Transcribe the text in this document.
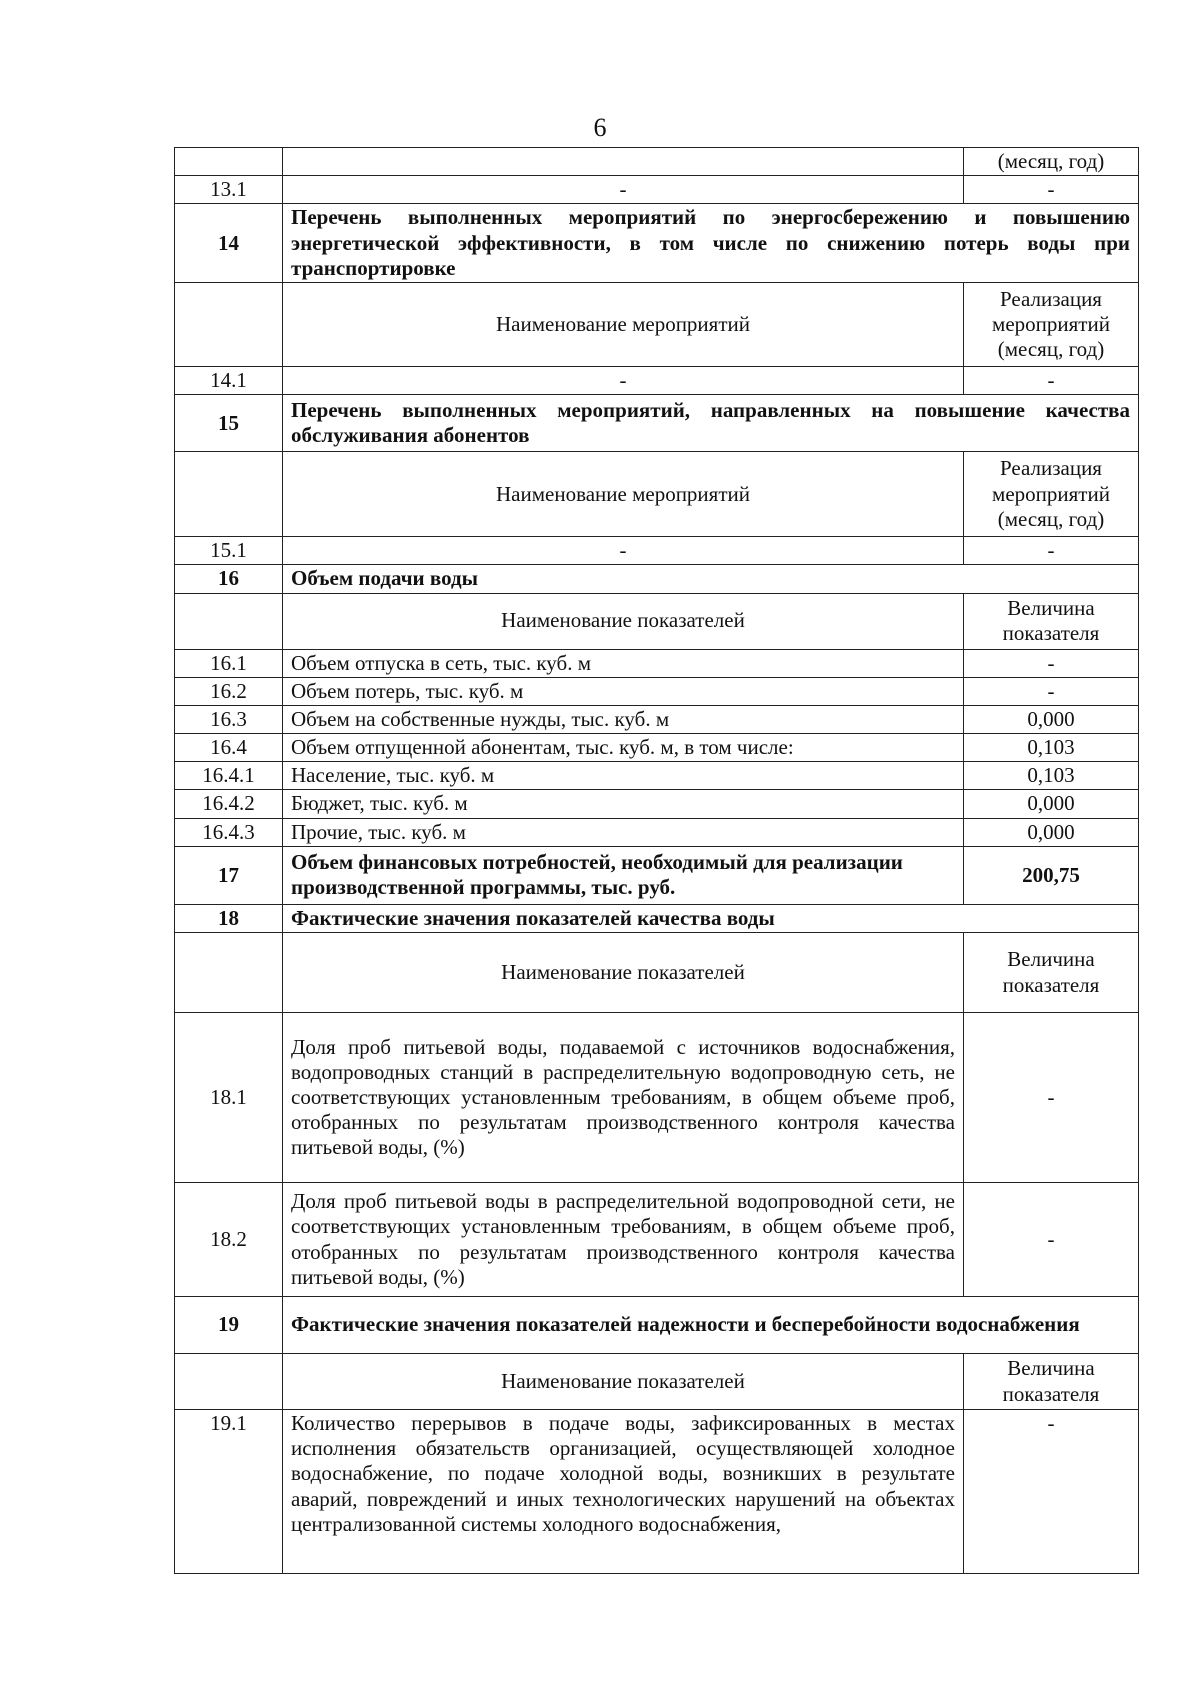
6
		(месяц, год)
13.1	-	-
14	Перечень выполненных мероприятий по энергосбережению и повышению энергетической эффективности, в том числе по снижению потерь воды при транспортировке	
	Наименование мероприятий	Реализация мероприятий (месяц, год)
14.1	-	-
15	Перечень выполненных мероприятий, направленных на повышение качества обслуживания абонентов	
	Наименование мероприятий	Реализация мероприятий (месяц, год)
15.1	-	-
16	Объем подачи воды	
	Наименование показателей	Величина показателя
16.1	Объем отпуска в сеть, тыс. куб. м	-
16.2	Объем потерь, тыс. куб. м	-
16.3	Объем на собственные нужды, тыс. куб. м	0,000
16.4	Объем отпущенной абонентам, тыс. куб. м, в том числе:	0,103
16.4.1	Население, тыс. куб. м	0,103
16.4.2	Бюджет, тыс. куб. м	0,000
16.4.3	Прочие, тыс. куб. м	0,000
17	Объем финансовых потребностей, необходимый для реализации производственной программы, тыс. руб.	200,75
18	Фактические значения показателей качества воды	
	Наименование показателей	Величина показателя
18.1	Доля проб питьевой воды, подаваемой с источников водоснабжения, водопроводных станций в распределительную водопроводную сеть, не соответствующих установленным требованиям, в общем объеме проб, отобранных по результатам производственного контроля качества питьевой воды, (%)	-
18.2	Доля проб питьевой воды в распределительной водопроводной сети, не соответствующих установленным требованиям, в общем объеме проб, отобранных по результатам производственного контроля качества питьевой воды, (%)	-
19	Фактические значения показателей надежности и бесперебойности водоснабжения	
	Наименование показателей	Величина показателя
19.1	Количество перерывов в подаче воды, зафиксированных в местах исполнения обязательств организацией, осуществляющей холодное водоснабжение, по подаче холодной воды, возникших в результате аварий, повреждений и иных технологических нарушений на объектах централизованной системы холодного водоснабжения,	-
